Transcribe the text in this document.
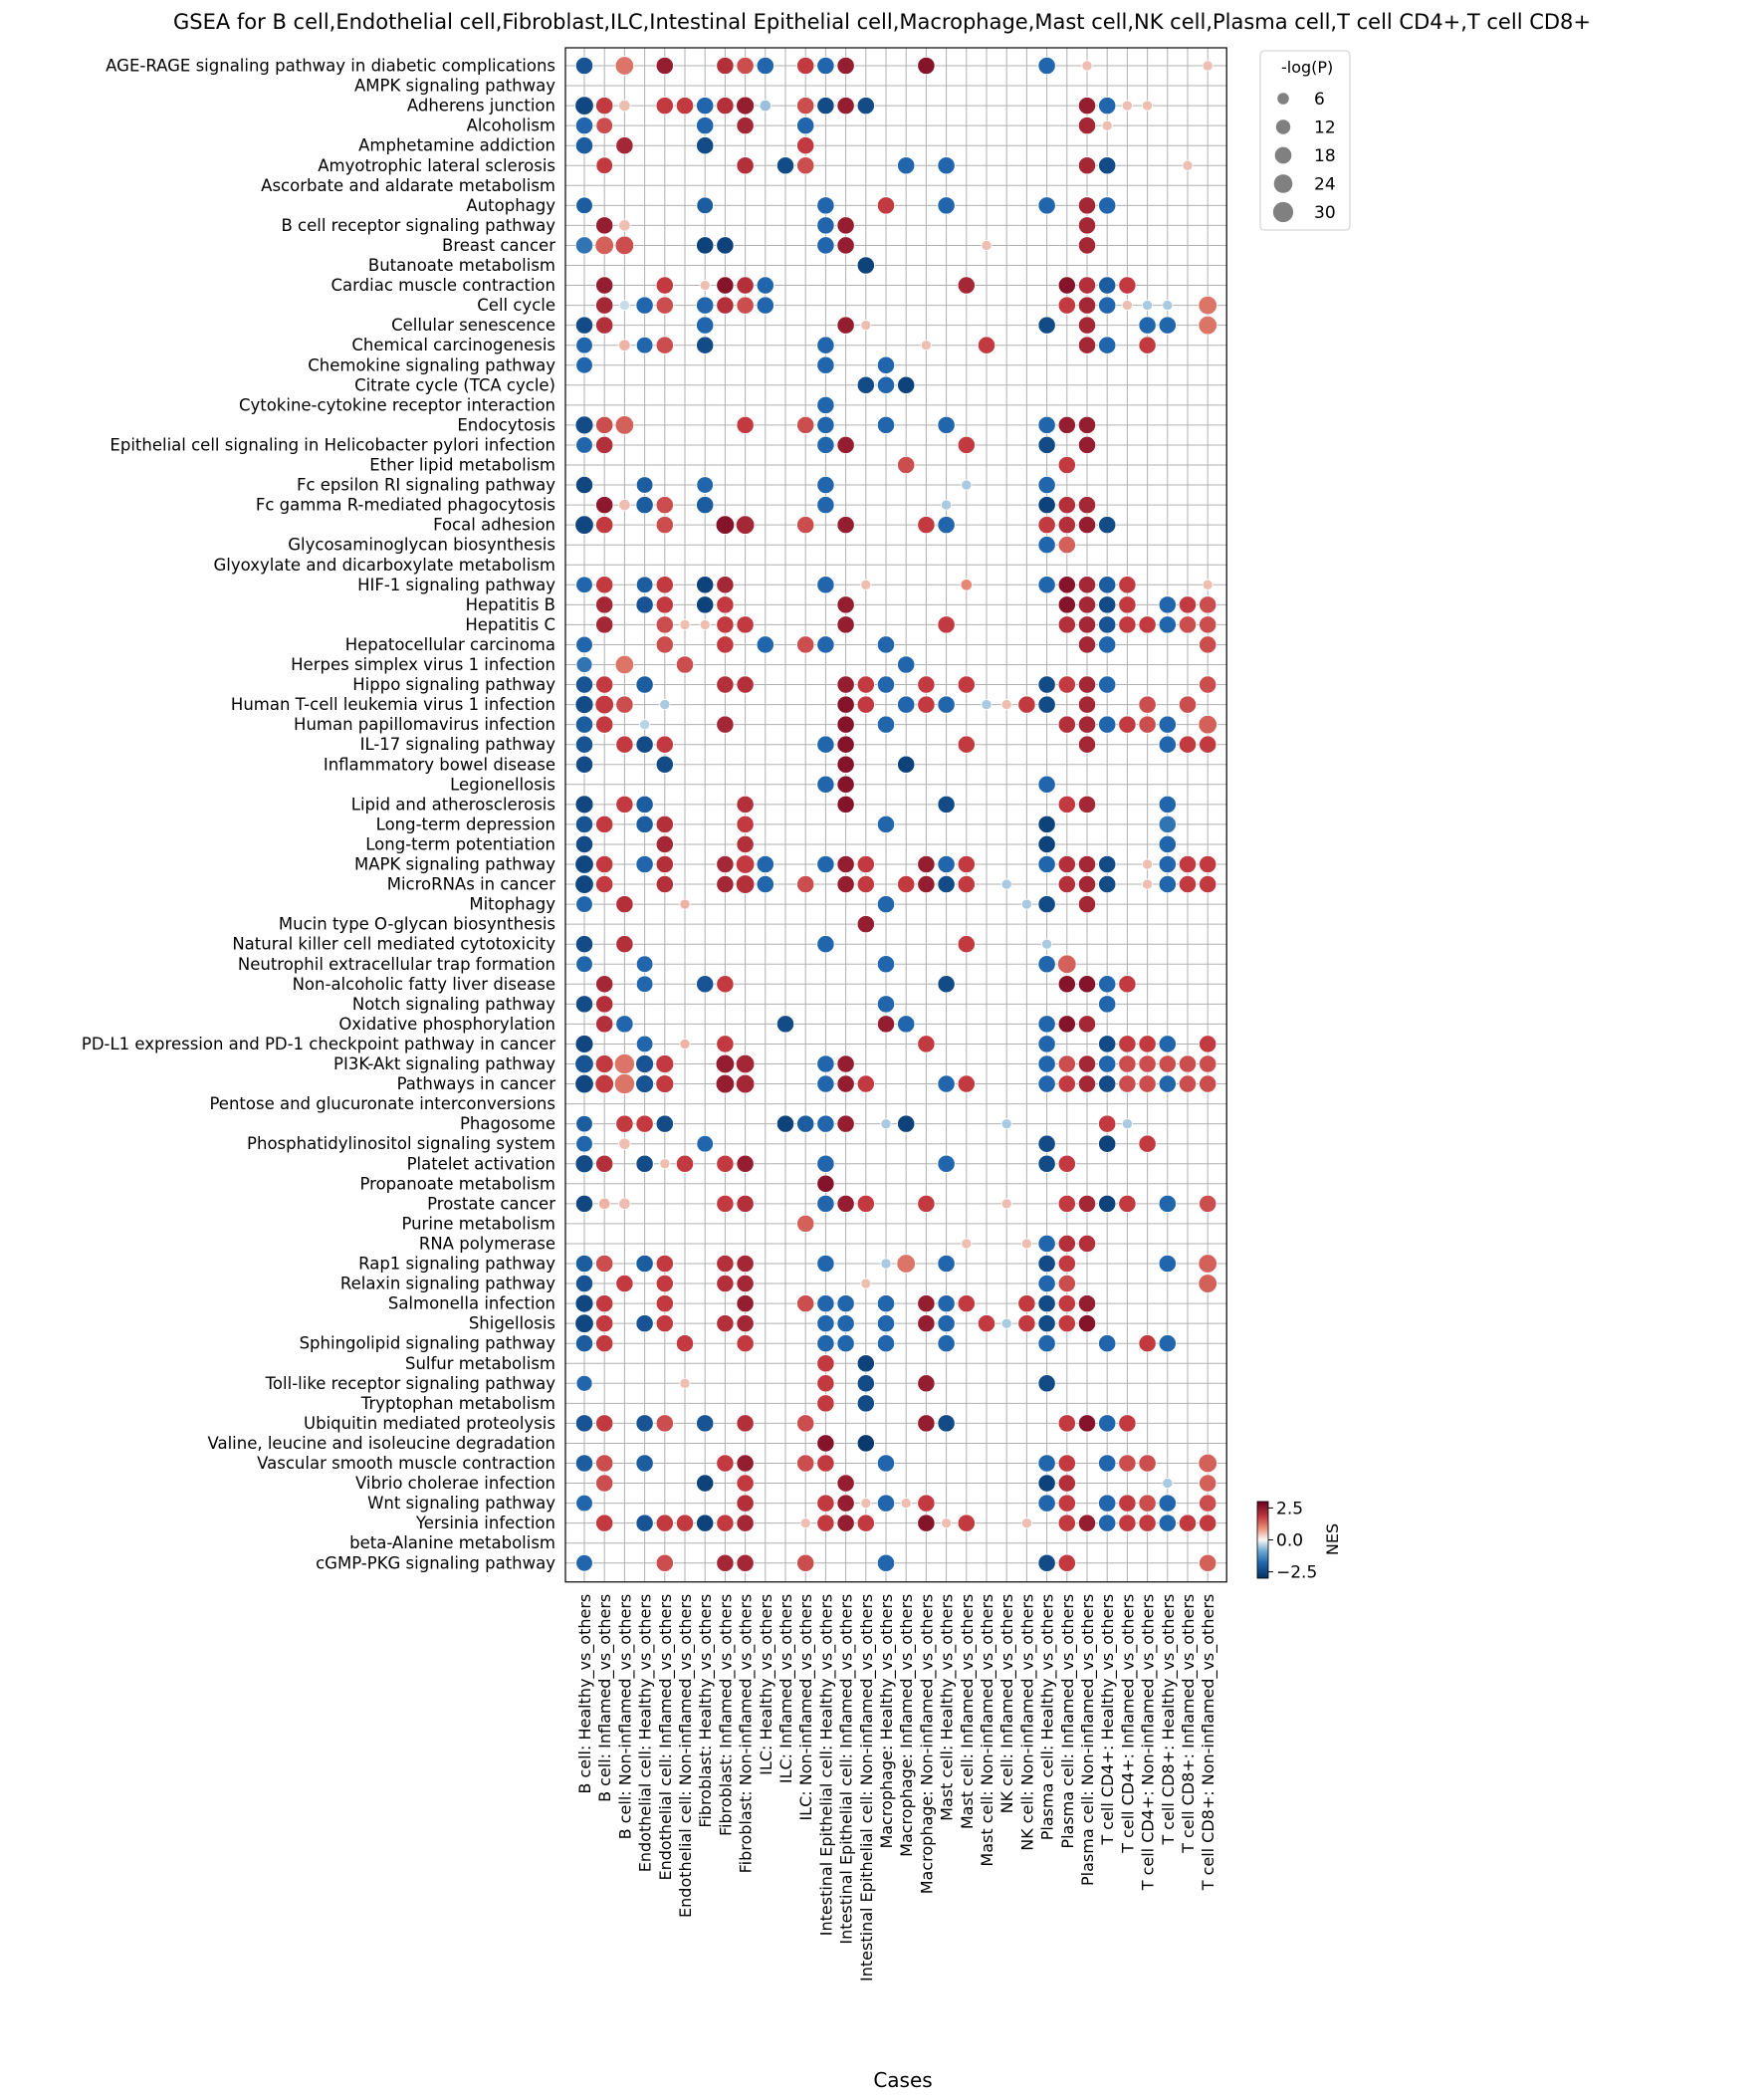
GSEA for B cell,Endothelial cell,Fibroblast,ILC,Intestinal Epithelial cell,Macrophage,Mast cell,NK cell,Plasma cell,T cell CD4+,T cell CD8+
AGE-RAGE signaling pathway in diabetic complications
AMPK signaling pathway
Adherens junction
Alcoholism
Amphetamine addiction
Amyotrophic lateral sclerosis
Ascorbate and aldarate metabolism
Autophagy
B cell receptor signaling pathway
Breast cancer
Butanoate metabolism
Cardiac muscle contraction
Cell cycle
Cellular senescence
Chemical carcinogenesis
Chemokine signaling pathway
Citrate cycle (TCA cycle)
Cytokine-cytokine receptor interaction
Endocytosis
Epithelial cell signaling in Helicobacter pylori infection
Ether lipid metabolism
Fc epsilon RI signaling pathway
Fc gamma R-mediated phagocytosis
Focal adhesion
Glycosaminoglycan biosynthesis
Glyoxylate and dicarboxylate metabolism
HIF-1 signaling pathway
Hepatitis B
Hepatitis C
Hepatocellular carcinoma
Herpes simplex virus 1 infection
Hippo signaling pathway
Human T-cell leukemia virus 1 infection
Human papillomavirus infection
IL-17 signaling pathway
Inflammatory bowel disease
Legionellosis
Lipid and atherosclerosis
Long-term depression
Long-term potentiation
MAPK signaling pathway
MicroRNAs in cancer
Mitophagy
Mucin type O-glycan biosynthesis
Natural killer cell mediated cytotoxicity
Neutrophil extracellular trap formation
Non-alcoholic fatty liver disease
Notch signaling pathway
Oxidative phosphorylation
PD-L1 expression and PD-1 checkpoint pathway in cancer
PI3K-Akt signaling pathway
Pathways in cancer
Pentose and glucuronate interconversions
Phagosome
Phosphatidylinositol signaling system
Platelet activation
Propanoate metabolism
Prostate cancer
Purine metabolism
RNA polymerase
Rap1 signaling pathway
Relaxin signaling pathway
Salmonella infection
Shigellosis
Sphingolipid signaling pathway
Sulfur metabolism
Toll-like receptor signaling pathway
Tryptophan metabolism
Ubiquitin mediated proteolysis
Valine, leucine and isoleucine degradation
Vascular smooth muscle contraction
Vibrio cholerae infection
Wnt signaling pathway
Yersinia infection
beta-Alanine metabolism
cGMP-PKG signaling pathway
B cell: Healthy_vs_others B cell: Inflamed_vs_others B cell: Non-inflamed_vs_others Endothelial cell: Healthy_vs_others Endothelial cell: Inflamed_vs_others Endothelial cell: Non-inflamed_vs_others Fibroblast: Healthy_vs_others Fibroblast: Inflamed_vs_others Fibroblast: Non-inflamed_vs_others ILC: Healthy_vs_others ILC: Inflamed_vs_others ILC: Non-inflamed_vs_others Intestinal Epithelial cell: Healthy_vs_others Intestinal Epithelial cell: Inflamed_vs_others Intestinal Epithelial cell: Non-inflamed_vs_others Macrophage: Healthy_vs_others Macrophage: Inflamed_vs_others Macrophage: Non-inflamed_vs_others Mast cell: Healthy_vs_others Mast cell: Inflamed_vs_others Mast cell: Non-inflamed_vs_others NK cell: Inflamed_vs_others NK cell: Non-inflamed_vs_others Plasma cell: Healthy_vs_others Plasma cell: Inflamed_vs_others Plasma cell: Non-inflamed_vs_others T cell CD4+: Healthy_vs_others T cell CD4+: Inflamed_vs_others T cell CD4+: Non-inflamed_vs_others T cell CD8+: Healthy_vs_others T cell CD8+: Inflamed_vs_others T cell CD8+: Non-inflamed_vs_others
Cases
-log(P)
6
12
18
24
30
NES
2.5
0.0
−2.5
